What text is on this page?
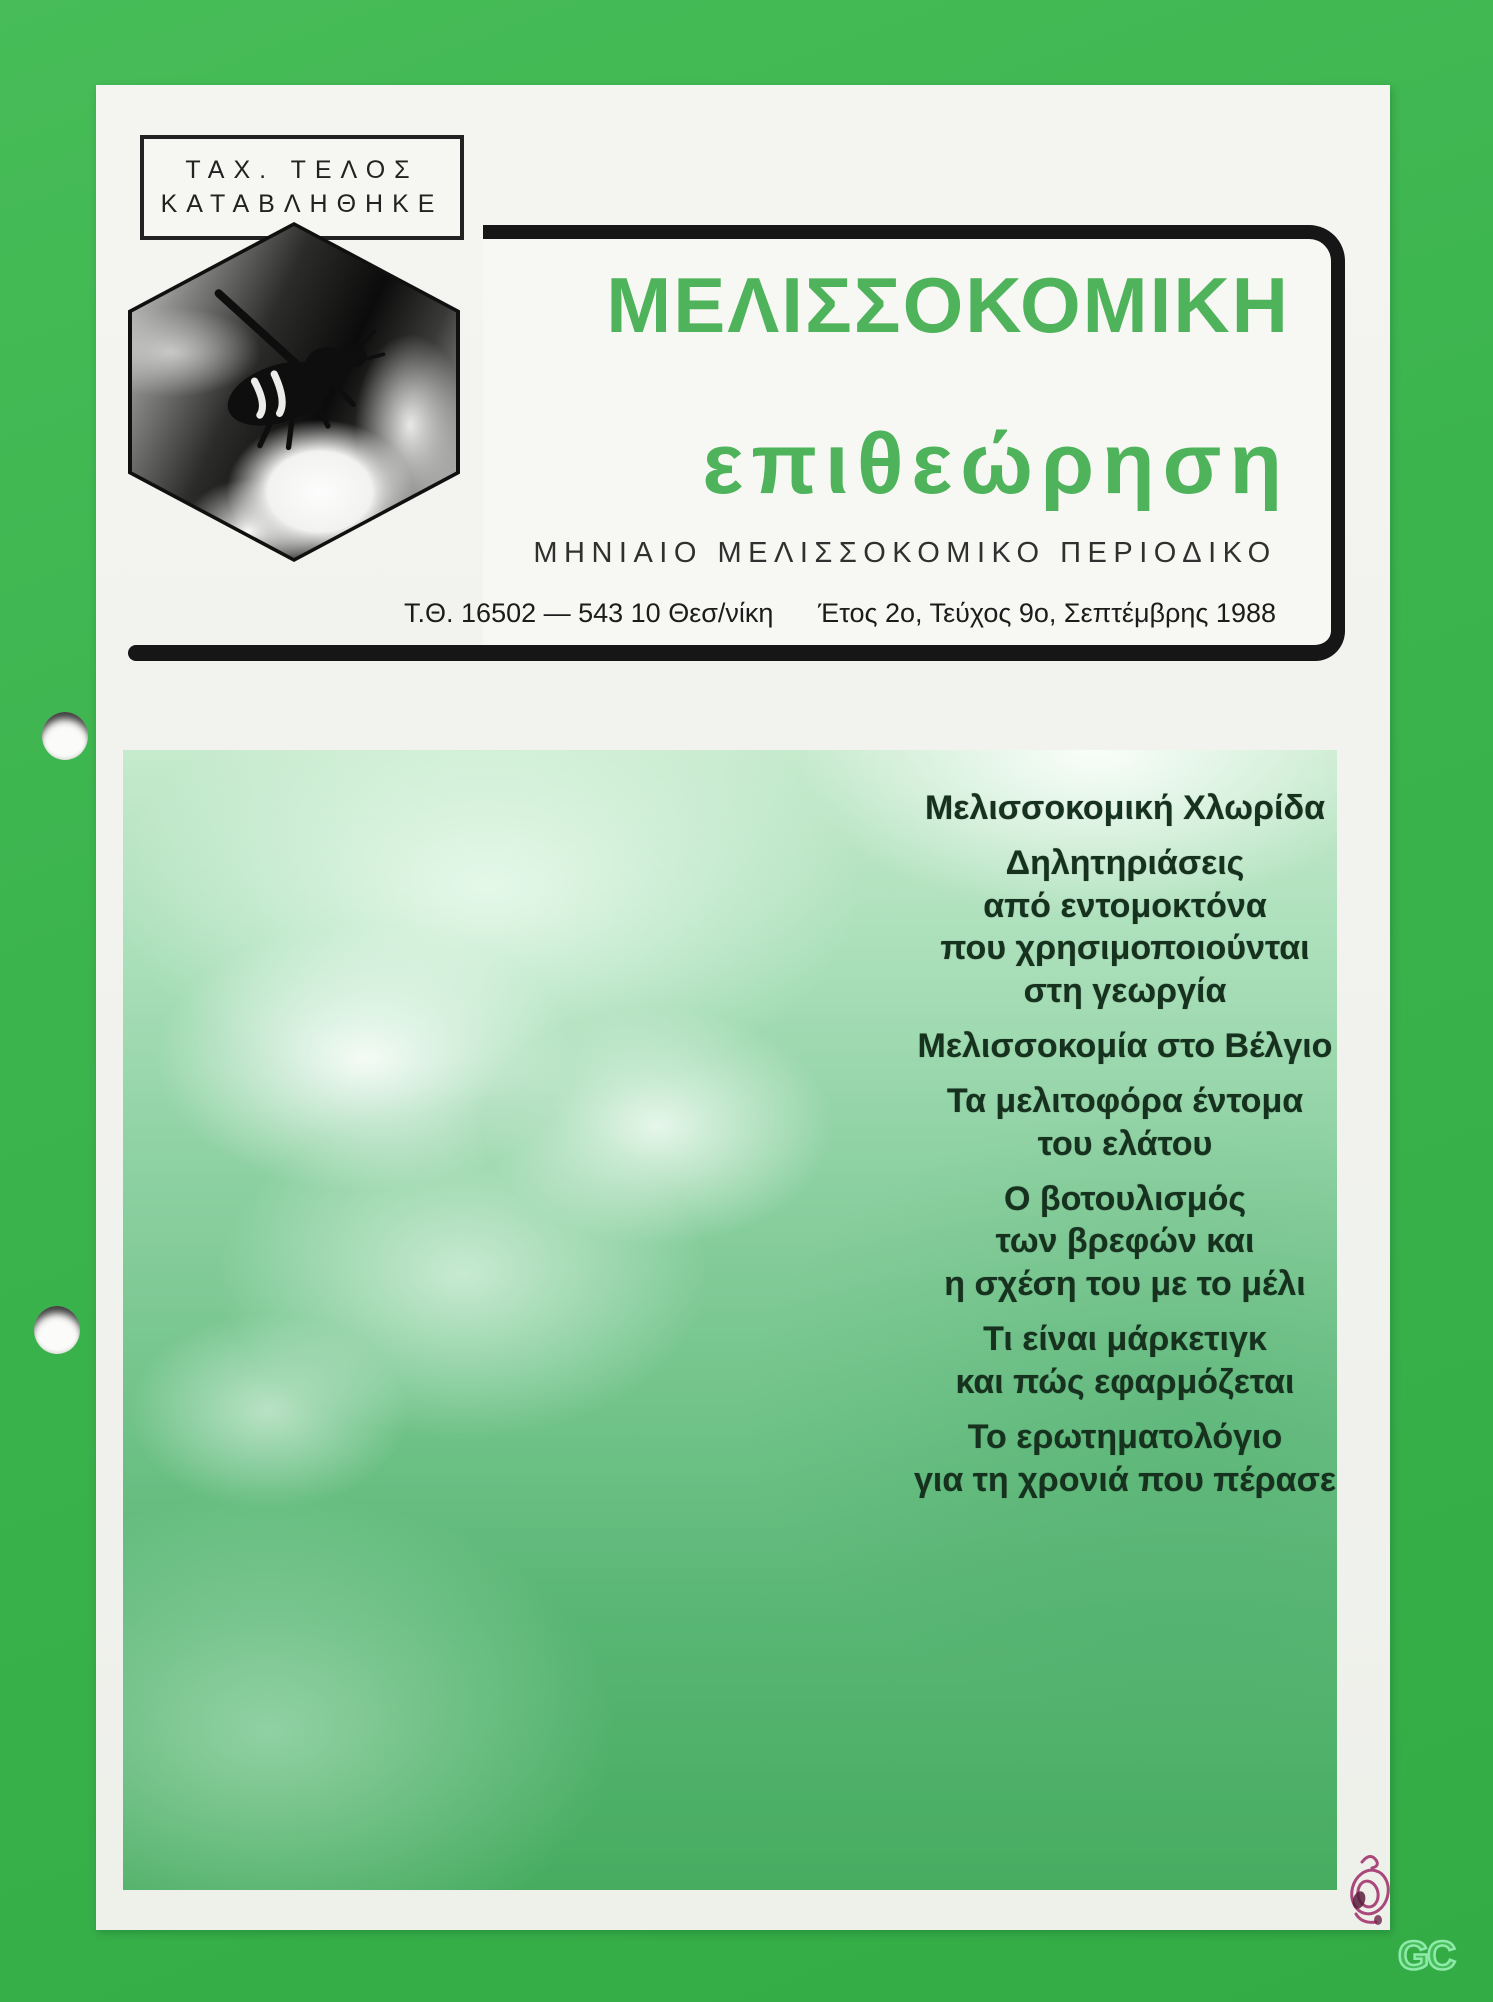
ΤΑΧ. ΤΕΛΟΣ
ΚΑΤΑΒΛΗΘΗΚΕ
ΜΕΛΙΣΣΟΚΟΜΙΚΗ
επιθεώρηση
ΜΗΝΙΑΙΟ ΜΕΛΙΣΣΟΚΟΜΙΚΟ ΠΕΡΙΟΔΙΚΟ
Τ.Θ. 16502 — 543 10 Θεσ/νίκη Έτος 2ο, Τεύχος 9ο, Σεπτέμβρης 1988
Μελισσοκομική Χλωρίδα
Δηλητηριάσεις
από εντομοκτόνα
που χρησιμοποιούνται
στη γεωργία
Μελισσοκομία στο Βέλγιο
Τα μελιτοφόρα έντομα
του ελάτου
Ο βοτουλισμός
των βρεφών και
η σχέση του με το μέλι
Τι είναι μάρκετιγκ
και πώς εφαρμόζεται
Το ερωτηματολόγιο
για τη χρονιά που πέρασε
GC
